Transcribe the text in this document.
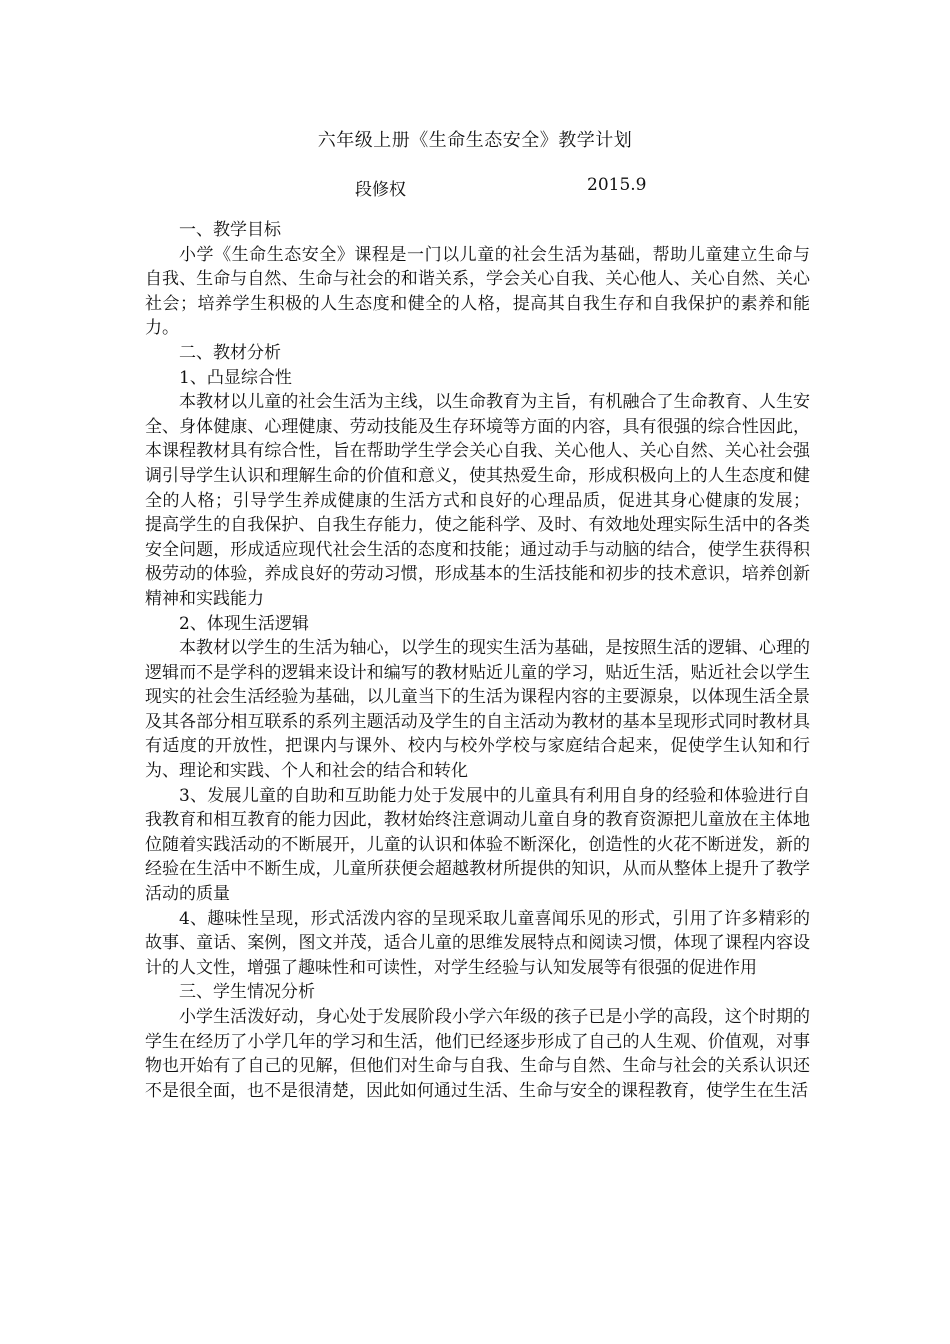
六年级上册《生命生态安全》教学计划
段修权	2015.9

一、教学目标

小学《生命生态安全》课程是一门以儿童的社会生活为基础，帮助儿童建立生命与 自我、生命与自然、生命与社会的和谐关系，学会关心自我、关心他人、关心自然、关心社会；培养学生积极的人生态度和健全的人格，提高其自我生存和自我保护的素养和能力。

二、教材分析

1、凸显综合性

本教材以儿童的社会生活为主线，以生命教育为主旨，有机融合了生命教育、人生安全、身体健康、心理健康、劳动技能及生存环境等方面的内容，具有很强的综合性因此，本课程教材具有综合性，旨在帮助学生学会关心自我、关心他人、关心自然、关心社会强调引导学生认识和理解生命的价值和意义，使其热爱生命，形成积极向上的人生态度和健全的人格；引导学生养成健康的生活方式和良好的心理品质，促进其身心健康的发展； 提高学生的自我保护、自我生存能力，使之能科学、及时、有效地处理实际生活中的各类安全问题，形成适应现代社会生活的态度和技能；通过动手与动脑的结合，使学生获得积极劳动的体验，养成良好的劳动习惯，形成基本的生活技能和初步的技术意识，培养创新精神和实践能力

2、体现生活逻辑

本教材以学生的生活为轴心，以学生的现实生活为基础，是按照生活的逻辑、心理的逻辑而不是学科的逻辑来设计和编写的教材贴近儿童的学习，贴近生活，贴近社会以学生现实的社会生活经验为基础，以儿童当下的生活为课程内容的主要源泉，以体现生活全景及其各部分相互联系的系列主题活动及学生的自主活动为教材的基本呈现形式同时教材具有适度的开放性，把课内与课外、校内与校外学校与家庭结合起来，促使学生认知和行为、理论和实践、个人和社会的结合和转化

3、发展儿童的自助和互助能力处于发展中的儿童具有利用自身的经验和体验进行自我教育和相互教育的能力因此，教材始终注意调动儿童自身的教育资源把儿童放在主体地位随着实践活动的不断展开，儿童的认识和体验不断深化，创造性的火花不断迸发，新的经验在生活中不断生成，儿童所获便会超越教材所提供的知识，从而从整体上提升了教学活动的质量

4、趣味性呈现，形式活泼内容的呈现采取儿童喜闻乐见的形式，引用了许多精彩的故事、童话、案例，图文并茂，适合儿童的思维发展特点和阅读习惯，体现了课程内容设计的人文性，增强了趣味性和可读性，对学生经验与认知发展等有很强的促进作用

三、学生情况分析

小学生活泼好动，身心处于发展阶段小学六年级的孩子已是小学的高段，这个时期的学生在经历了小学几年的学习和生活，他们已经逐步形成了自己的人生观、价值观，对事物也开始有了自己的见解，但他们对生命与自我、生命与自然、生命与社会的关系认识还不是很全面，也不是很清楚，因此如何通过生活、生命与安全的课程教育，使学生在生活
